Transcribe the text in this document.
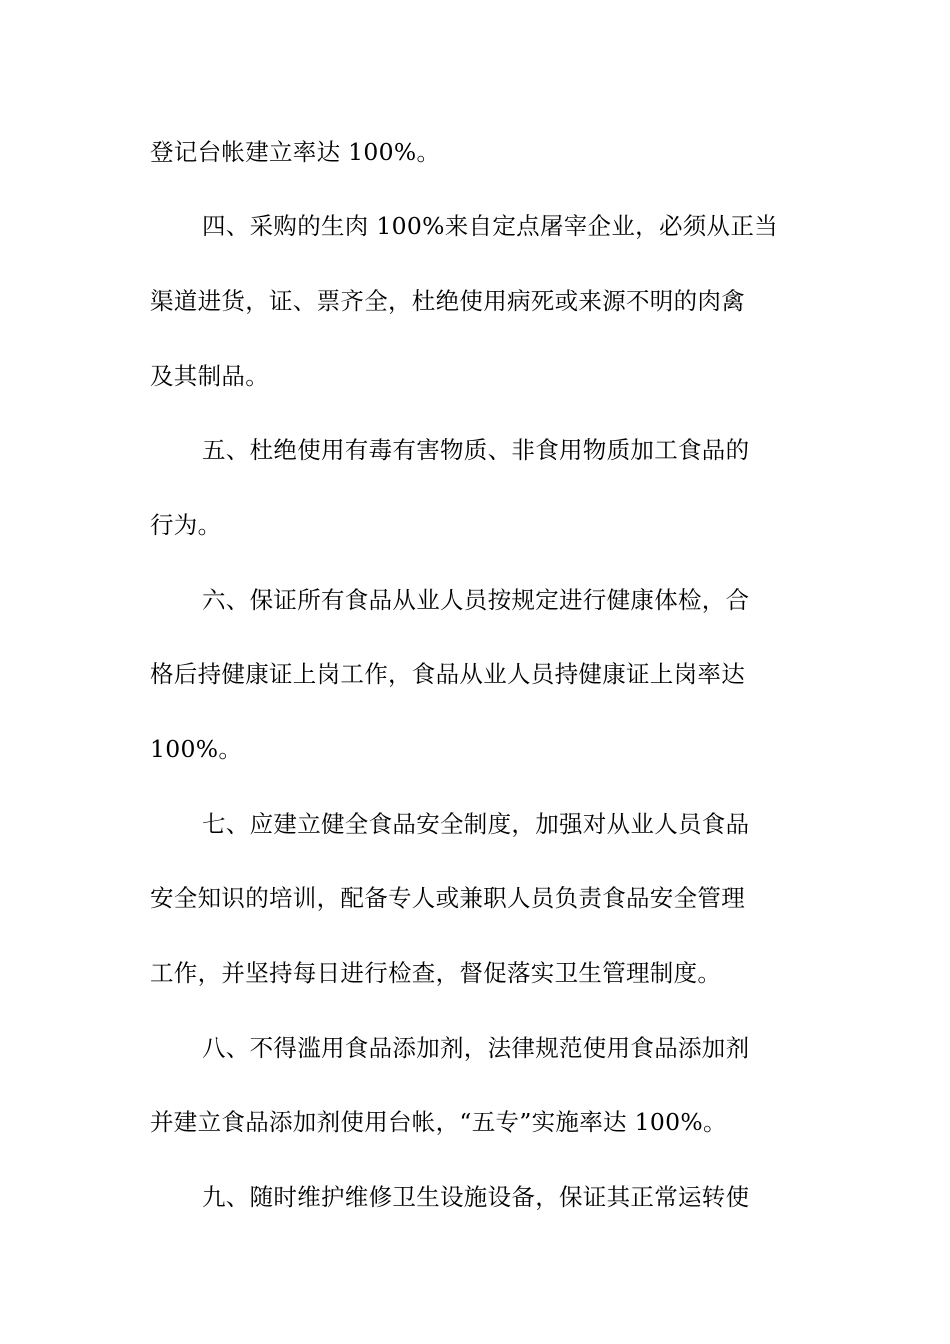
登记台帐建立率达 100%。
四、采购的生肉 100%来自定点屠宰企业，必须从正当
渠道进货，证、票齐全，杜绝使用病死或来源不明的肉禽
及其制品。
五、杜绝使用有毒有害物质、非食用物质加工食品的
行为。
六、保证所有食品从业人员按规定进行健康体检，合
格后持健康证上岗工作，食品从业人员持健康证上岗率达
100%。
七、应建立健全食品安全制度，加强对从业人员食品
安全知识的培训，配备专人或兼职人员负责食品安全管理
工作，并坚持每日进行检查，督促落实卫生管理制度。
八、不得滥用食品添加剂，法律规范使用食品添加剂
并建立食品添加剂使用台帐，“五专”实施率达 100%。
九、随时维护维修卫生设施设备，保证其正常运转使
